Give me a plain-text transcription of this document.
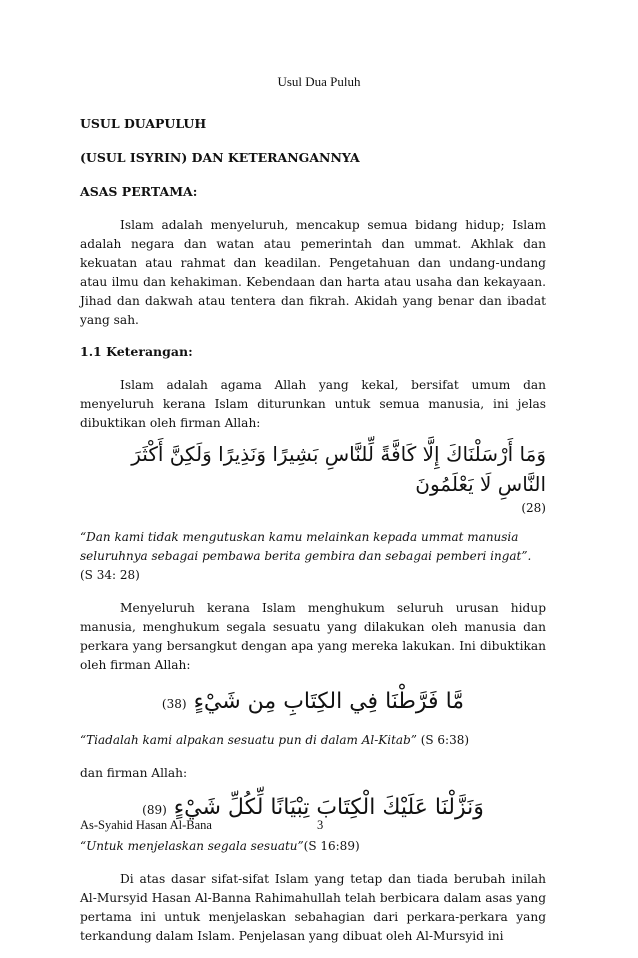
Usul Dua Puluh
USUL DUAPULUH
(USUL ISYRIN) DAN KETERANGANNYA
ASAS PERTAMA:

Islam adalah menyeluruh, mencakup semua bidang hidup; Islam adalah negara dan watan atau pemerintah dan ummat. Akhlak dan kekuatan atau rahmat dan keadilan. Pengetahuan dan undang-undang atau ilmu dan kehakiman. Kebendaan dan harta atau usaha dan kekayaan. Jihad dan dakwah atau tentera dan fikrah. Akidah yang benar dan ibadat yang sah.

1.1 Keterangan:

Islam adalah agama Allah yang kekal, bersifat umum dan menyeluruh kerana Islam diturunkan untuk semua manusia, ini jelas dibuktikan oleh firman Allah:

وَمَا أَرْسَلْنَاكَ إِلَّا كَافَّةً لِّلنَّاسِ بَشِيرًا وَنَذِيرًا وَلَكِنَّ أَكْثَرَ النَّاسِ لَا يَعْلَمُونَ
(28)

“Dan kami tidak mengutuskan kamu melainkan kepada ummat manusia seluruhnya sebagai pembawa berita gembira dan sebagai pemberi ingat”. (S 34: 28)

Menyeluruh kerana Islam menghukum seluruh urusan hidup manusia, menghukum segala sesuatu yang dilakukan oleh manusia dan perkara yang bersangkut dengan apa yang mereka lakukan. Ini dibuktikan oleh firman Allah:

مَّا فَرَّطْنَا فِي الكِتَابِ مِن شَيْءٍ (38)

“Tiadalah kami alpakan sesuatu pun di dalam Al-Kitab” (S 6:38)

dan firman Allah:

وَنَزَّلْنَا عَلَيْكَ الْكِتَابَ تِبْيَانًا لِّكُلِّ شَيْءٍ (89)

“Untuk menjelaskan segala sesuatu”(S 16:89)

Di atas dasar sifat-sifat Islam yang tetap dan tiada berubah inilah Al-Mursyid Hasan Al-Banna Rahimahullah telah berbicara dalam asas yang pertama ini untuk menjelaskan sebahagian dari perkara-perkara yang terkandung dalam Islam. Penjelasan yang dibuat oleh Al-Mursyid ini

As-Syahid Hasan Al-Bana	3
